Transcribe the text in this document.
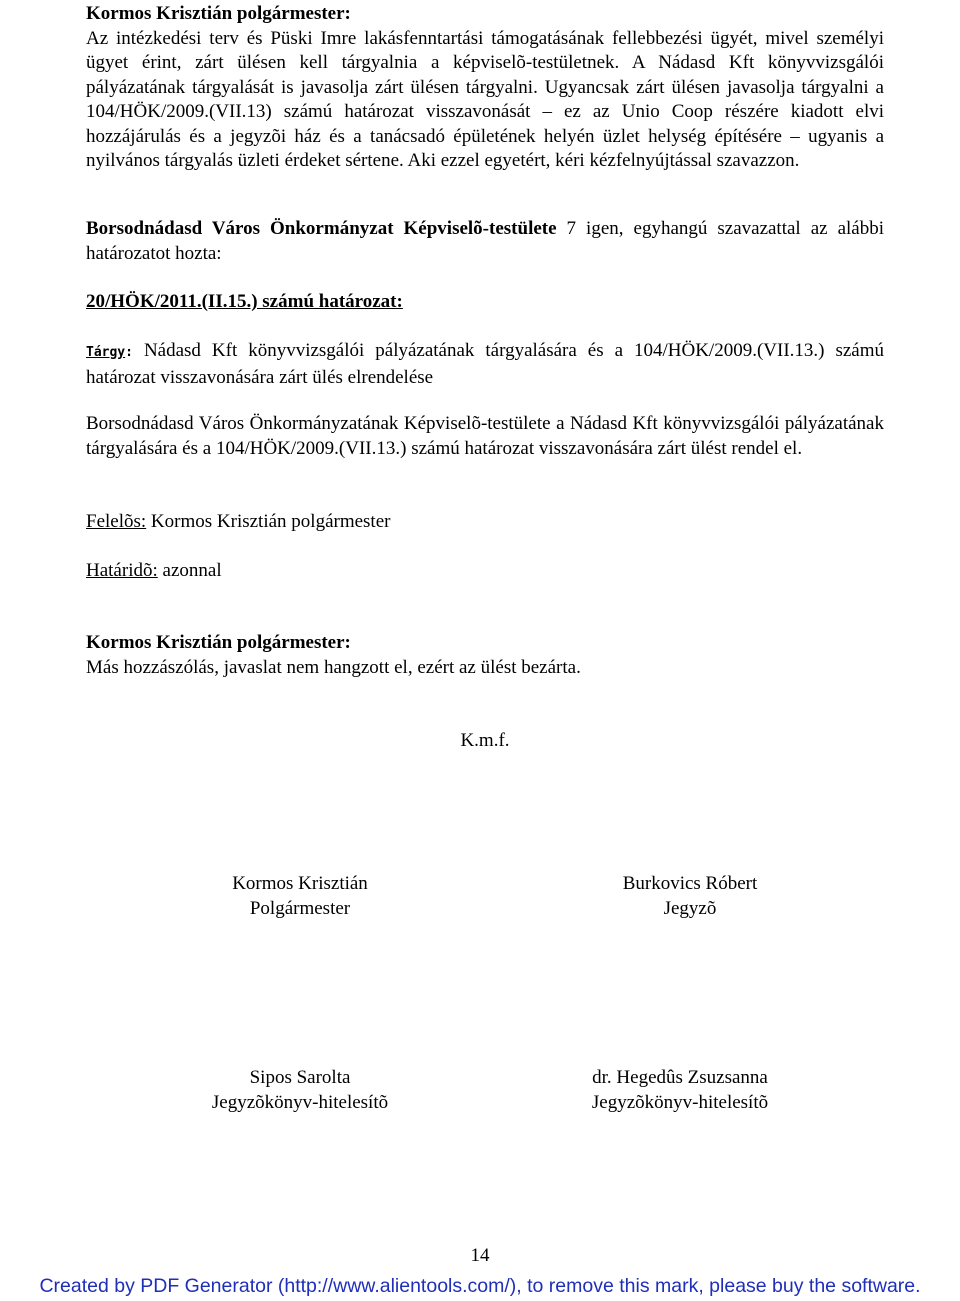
Kormos Krisztián polgármester:

Az intézkedési terv és Püski Imre lakásfenntartási támogatásának fellebbezési ügyét, mivel személyi ügyet érint, zárt ülésen kell tárgyalnia a képviselõ-testületnek. A Nádasd Kft könyvvizsgálói pályázatának tárgyalását is javasolja zárt ülésen tárgyalni. Ugyancsak zárt ülésen javasolja tárgyalni a 104/HÖK/2009.(VII.13) számú határozat visszavonását – ez az Unio Coop részére kiadott elvi hozzájárulás és a jegyzõi ház és a tanácsadó épületének helyén üzlet helység építésére – ugyanis a nyilvános tárgyalás üzleti érdeket sértene. Aki ezzel egyetért, kéri kézfelnyújtással szavazzon.

Borsodnádasd Város Önkormányzat Képviselõ-testülete 7 igen, egyhangú szavazattal az alábbi határozatot hozta:
20/HÖK/2011.(II.15.) számú határozat:
Tárgy: Nádasd Kft könyvvizsgálói pályázatának tárgyalására és a 104/HÖK/2009.(VII.13.) számú határozat visszavonására zárt ülés elrendelése

Borsodnádasd Város Önkormányzatának Képviselõ-testülete a Nádasd Kft könyvvizsgálói pályázatának tárgyalására és a 104/HÖK/2009.(VII.13.) számú határozat visszavonására zárt ülést rendel el.

Felelõs: Kormos Krisztián polgármester
Határidõ: azonnal

Kormos Krisztián polgármester:

Más hozzászólás, javaslat nem hangzott el, ezért az ülést bezárta.

K.m.f.
Kormos Krisztián
Polgármester
Burkovics Róbert
Jegyzõ
Sipos Sarolta
Jegyzõkönyv-hitelesítõ
dr. Hegedûs Zsuzsanna
Jegyzõkönyv-hitelesítõ
14
Created by PDF Generator (http://www.alientools.com/), to remove this mark, please buy the software.
